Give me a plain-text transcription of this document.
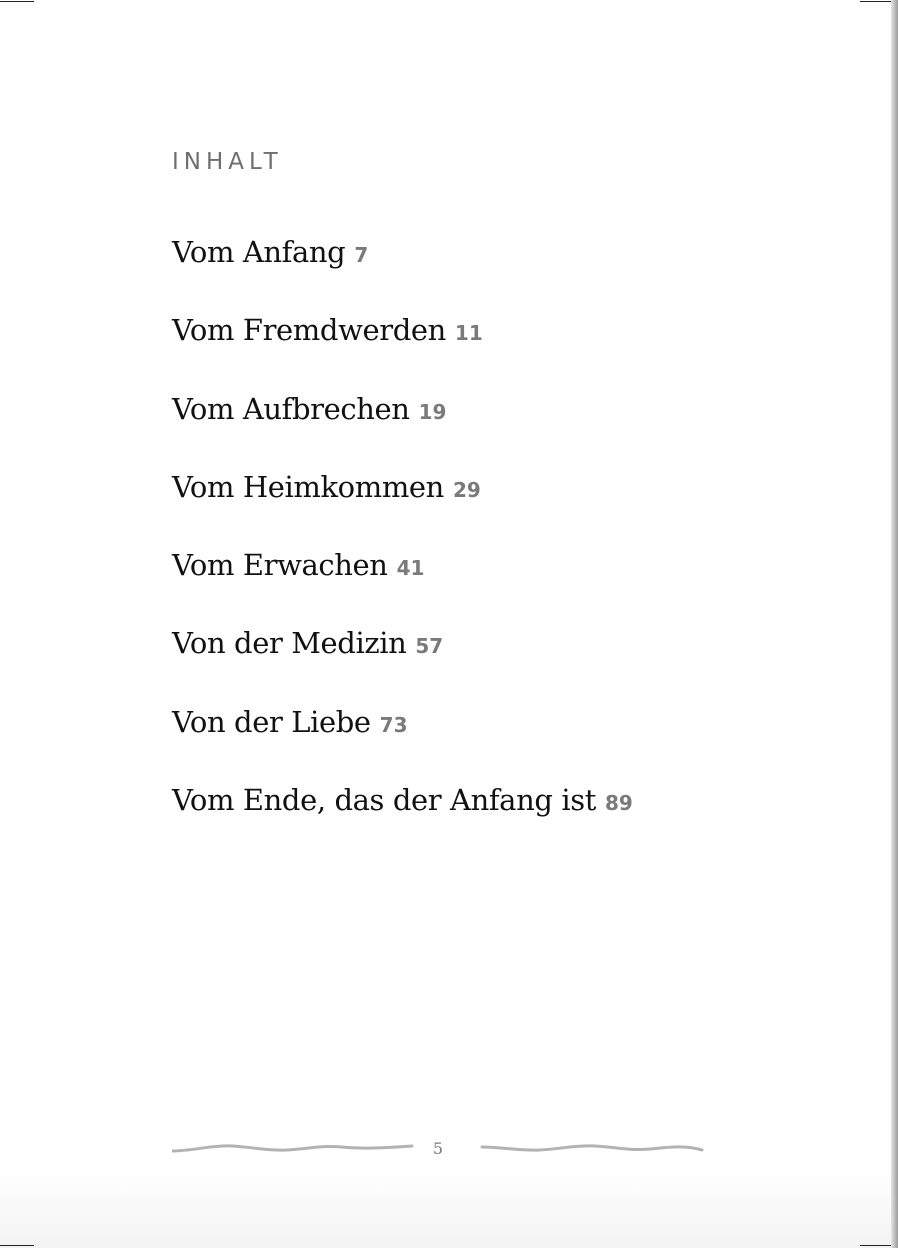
INHALT
Vom Anfang 7
Vom Fremdwerden 11
Vom Aufbrechen 19
Vom Heimkommen 29
Vom Erwachen 41
Von der Medizin 57
Von der Liebe 73
Vom Ende, das der Anfang ist 89
5
